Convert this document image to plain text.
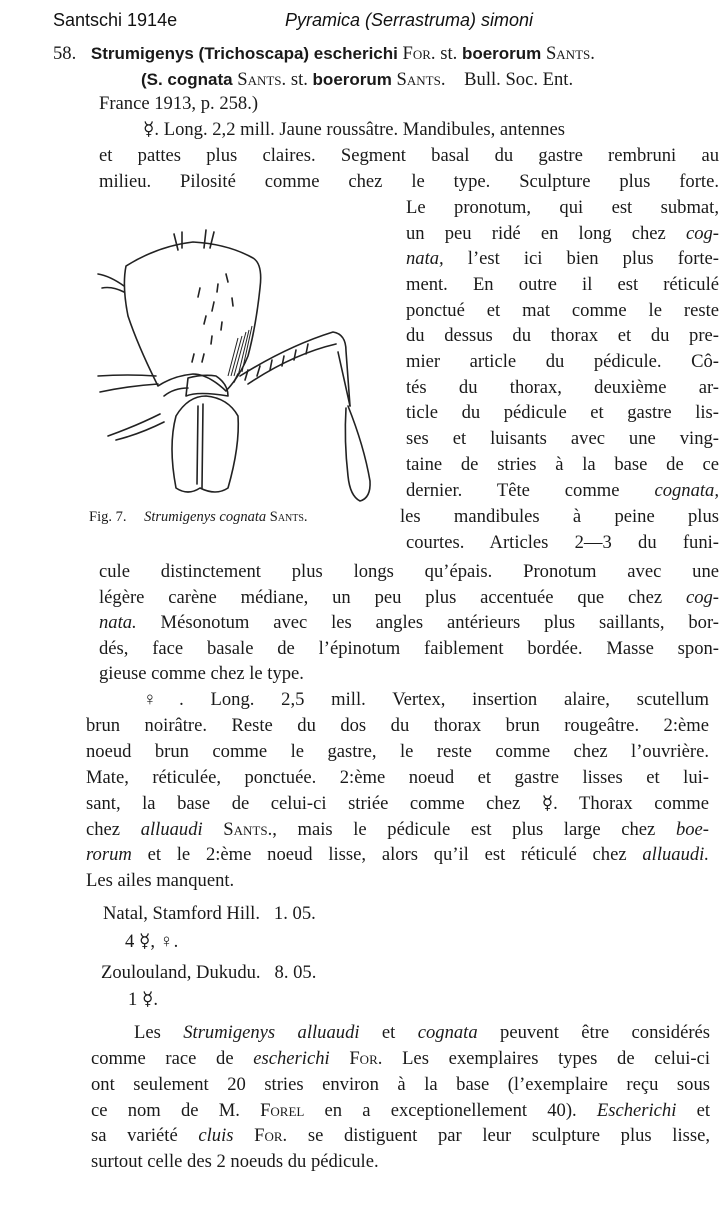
Santschi 1914e	Pyramica (Serrastruma) simoni
58. Strumigenys (Trichoscapa) escherichi For. st. boerorum Sants.
(S. cognata Sants. st. boerorum Sants. Bull. Soc. Ent.
France 1913, p. 258.)
☿. Long. 2,2 mill. Jaune roussâtre. Mandibules, antennes
et pattes plus claires. Segment basal du gastre rembruni au
milieu. Pilosité comme chez le type. Sculpture plus forte.
Le pronotum, qui est submat,
un peu ridé en long chez cog-
nata, l’est ici bien plus forte-
ment. En outre il est réticulé
ponctué et mat comme le reste
du dessus du thorax et du pre-
mier article du pédicule. Cô-
tés du thorax, deuxième ar-
ticle du pédicule et gastre lis-
ses et luisants avec une ving-
taine de stries à la base de ce
dernier. Tête comme cognata,
les mandibules à peine plus
courtes. Articles 2—3 du funi-
Fig. 7. Strumigenys cognata Sants.
cule distinctement plus longs qu’épais. Pronotum avec une
légère carène médiane, un peu plus accentuée que chez cog-
nata. Mésonotum avec les angles antérieurs plus saillants, bor-
dés, face basale de l’épinotum faiblement bordée. Masse spon-
gieuse comme chez le type.
♀. Long. 2,5 mill. Vertex, insertion alaire, scutellum
brun noirâtre. Reste du dos du thorax brun rougeâtre. 2:ème
noeud brun comme le gastre, le reste comme chez l’ouvrière.
Mate, réticulée, ponctuée. 2:ème noeud et gastre lisses et lui-
sant, la base de celui-ci striée comme chez ☿. Thorax comme
chez alluaudi Sants., mais le pédicule est plus large chez boe-
rorum et le 2:ème noeud lisse, alors qu’il est réticulé chez alluaudi.
Les ailes manquent.
Natal, Stamford Hill.   1. 05.
4 ☿, ♀.
Zoulouland, Dukudu.   8. 05.
1 ☿.
Les Strumigenys alluaudi et cognata peuvent être considérés
comme race de escherichi For. Les exemplaires types de celui-ci
ont seulement 20 stries environ à la base (l’exemplaire reçu sous
ce nom de M. Forel en a exceptionellement 40). Escherichi et
sa variété cluis For. se distiguent par leur sculpture plus lisse,
surtout celle des 2 noeuds du pédicule.
